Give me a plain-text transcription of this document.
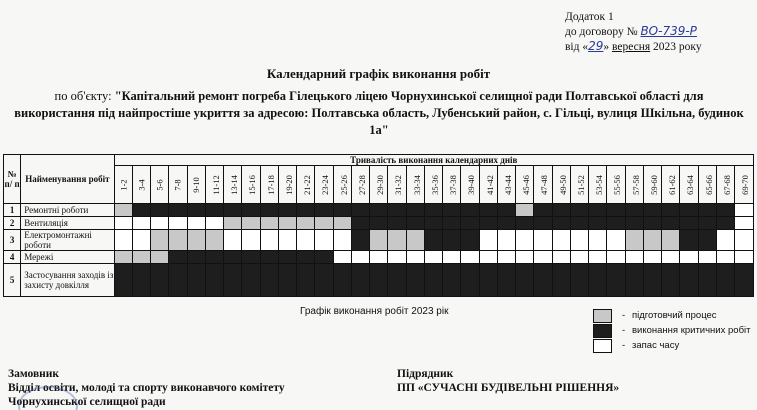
Додаток 1
до договору № ВО-739-Р
від «29» вересня 2023 року
Календарний графік виконання робіт
по об'єкту: "Капітальний ремонт погреба Гілецького ліцею Чорнухинської селищної ради Полтавської області для використання під найпростіше укриття за адресою: Полтавська область, Лубенський район, с. Гільці, вулиця Шкільна, будинок 1а"
№ п/ п	Найменування робіт	Тривалість виконання календарних днів																																		
		1-2	3-4	5-6	7-8	9-10	11-12	13-14	15-16	17-18	19-20	21-22	23-24	25-26	27-28	29-30	31-32	33-34	35-36	37-38	39-40	41-42	43-44	45-46	47-48	49-50	51-52	53-54	55-56	57-58	59-60	61-62	63-64	65-66	67-68	69-70
1	Ремонтні роботи																																			
2	Вентиляція																																			
3	Електромонтажні роботи																																			
4	Мережі																																			
5	Застосування заходів із захисту довкілля																																			
Графік виконання робіт 2023 рік	- підготовчий процес
- виконання критичних робіт
- запас часу
Замовник
Відділ освіти, молоді та спорту виконавчого комітету
Чорнухинської селищної ради
Підрядник
ПП «СУЧАСНІ БУДІВЕЛЬНІ РІШЕННЯ»
